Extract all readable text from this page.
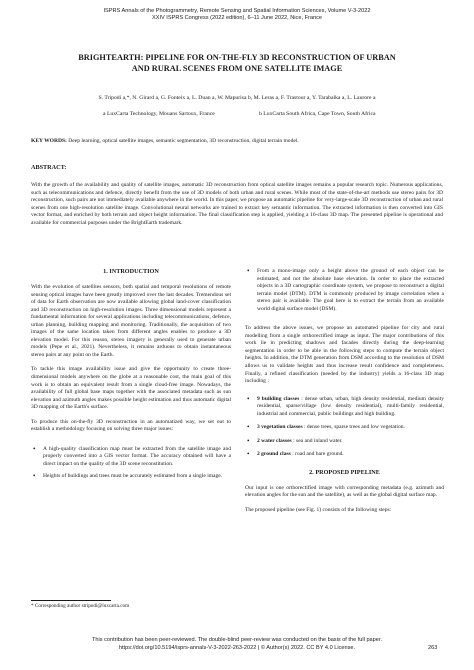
ISPRS Annals of the Photogrammetry, Remote Sensing and Spatial Information Sciences, Volume V-3-2022
XXIV ISPRS Congress (2022 edition), 6–11 June 2022, Nice, France
BRIGHTEARTH: PIPELINE FOR ON-THE-FLY 3D RECONSTRUCTION OF URBAN
AND RURAL SCENES FROM ONE SATELLITE IMAGE
S. Tripodi a,*, N. Girard a, G. Fonteix a, L. Duan a, W. Mapurisa b, M. Leras a, F. Trastour a, Y. Tarabalka a, L. Laurore a
a LuxCarta Technology, Mouans Sartoux, France	b LuxCarta South Africa, Cape Town, South Africa
KEY WORDS: Deep learning, optical satellite images, semantic segmentation, 3D reconstruction, digital terrain model.
ABSTRACT:
With the growth of the availability and quality of satellite images, automatic 3D reconstruction from optical satellite images remains a popular research topic. Numerous applications, such as telecommunications and defence, directly benefit from the use of 3D models of both urban and rural scenes. While most of the state-of-the-art methods use stereo pairs for 3D reconstruction, such pairs are not immediately available anywhere in the world. In this paper, we propose an automatic pipeline for very-large-scale 3D reconstruction of urban and rural scenes from one high-resolution satellite image. Convolutional neural networks are trained to extract key semantic information. The extracted information is then converted into GIS vector format, and enriched by both terrain and object height information. The final classification step is applied, yielding a 16-class 3D map. The presented pipeline is operational and available for commercial purposes under the BrightEarth trademark.
1. INTRODUCTION

With the evolution of satellites sensors, both spatial and temporal resolutions of remote sensing optical images have been greatly improved over the last decades. Tremendous set of data for Earth observation are now available allowing global land-cover classification and 3D reconstruction on high-resolution images. Three dimensional models represent a fundamental information for several applications including telecommunications, defence, urban planning, building mapping and monitoring. Traditionally, the acquisition of two images of the same location taken from different angles enables to produce a 3D elevation model. For this reason, stereo imagery is generally used to generate urban models (Pepe et al., 2021). Nevertheless, it remains arduous to obtain instantaneous stereo pairs at any point on the Earth.

To tackle this image availability issue and give the opportunity to create three-dimensional models anywhere on the globe at a reasonable cost, the main goal of this work is to obtain an equivalent result from a single cloud-free image. Nowadays, the availability of full global base maps together with the associated metadata such as sun elevation and azimuth angles makes possible height estimation and thus automatic digital 3D mapping of the Earth's surface.

To produce this on-the-fly 3D reconstruction in an automatized way, we set out to establish a methodology focusing on solving three major issues:

• A high-quality classification map must be extracted from the satellite image and properly converted into a GIS vector format. The accuracy obtained will have a direct impact on the quality of the 3D scene reconstitution.
• Heights of buildings and trees must be accurately estimated from a single image.
* Corresponding author stripodi@luxcarta.com
• From a mono-image only a height above the ground of each object can be estimated, and not the absolute base elevation. In order to place the extracted objects in a 3D cartographic coordinate system, we propose to reconstruct a digital terrain model (DTM). DTM is commonly produced by image correlation when a stereo pair is available. The goal here is to extract the terrain from an available world digital surface model (DSM).

To address the above issues, we propose an automated pipeline for city and rural modelling from a single orthorectified image as input. The major contributions of this work lie in predicting shadows and facades directly during the deep-learning segmentation in order to be able in the following steps to compute the terrain object heights. In addition, the DTM generation from DSM according to the resolution of DSM allows us to validate heights and thus increase result confidence and completeness. Finally, a refined classification (needed by the industry) yields a 16-class 3D map including :

• 9 building classes : dense urban, urban, high density residential, medium density residential, sparse/village (low density residential), multi-family residential, industrial and commercial, public buildings and high building.
• 3 vegetation classes : dense trees, sparse trees and low vegetation.
• 2 water classes : sea and inland water.
• 2 ground class : road and bare ground.
2. PROPOSED PIPELINE

Our input is one orthorectified image with corresponding metadata (e.g. azimuth and elevation angles for the sun and the satellite), as well as the global digital surface map.

The proposed pipeline (see Fig. 1) consists of the following steps:

This contribution has been peer-reviewed. The double-blind peer-review was conducted on the basis of the full paper.
https://doi.org/10.5194/isprs-annals-V-3-2022-263-2022 | © Author(s) 2022. CC BY 4.0 License.	263
